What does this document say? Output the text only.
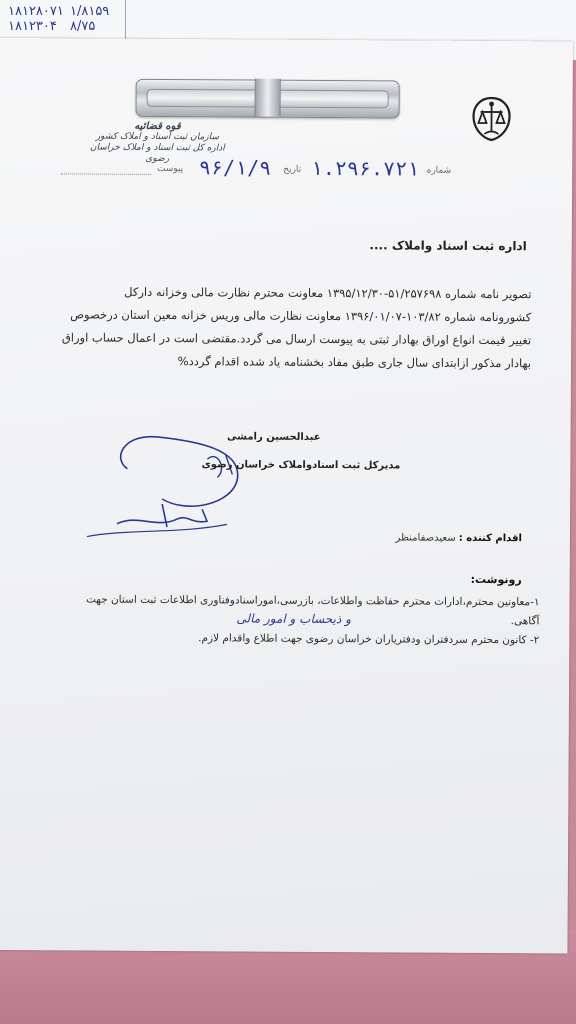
۱۸۱۲۸۰۷۱
۱۸۱۲۳۰۴
۱/۸۱۵۹
۸/۷۵
قوه قضائیه
سازمان ثبت اسناد و املاک کشور
اداره کل ثبت اسناد و املاک خراسان رضوی
شماره
۱.۲۹۶.۷۲۱
تاریخ
۹۶/۱/۹
پیوست
اداره ثبت اسناد واملاک ....
تصویر نامه شماره ۵۱/۲۵۷۶۹۸-۱۳۹۵/۱۲/۳۰ معاونت محترم نظارت مالی وخزانه دارکل
کشورونامه شماره ۱۰۳/۸۲-۱۳۹۶/۰۱/۰۷ معاونت نظارت مالی وریس خزانه معین استان درخصوص
تغییر قیمت انواع اوراق بهادار ثبتی به پیوست ارسال می گردد.مقتضی است در اعمال حساب اوراق
بهادار مذکور ازابتدای سال جاری طبق مفاد بخشنامه یاد شده اقدام گردد%
عبدالحسین رامشی
مدیرکل ثبت اسنادواملاک خراسان رضوی
اقدام کننده : سعیدصفامنظر
رونوشت:
۱-معاونین محترم،ادارات محترم حفاظت واطلاعات، بازرسی،اموراسنادوفناوری اطلاعات ثبت استان جهت
آگاهی.
۲- کانون محترم سردفتران ودفتریاران خراسان رضوی جهت اطلاع واقدام لازم.
و ذیحساب و امور مالی
